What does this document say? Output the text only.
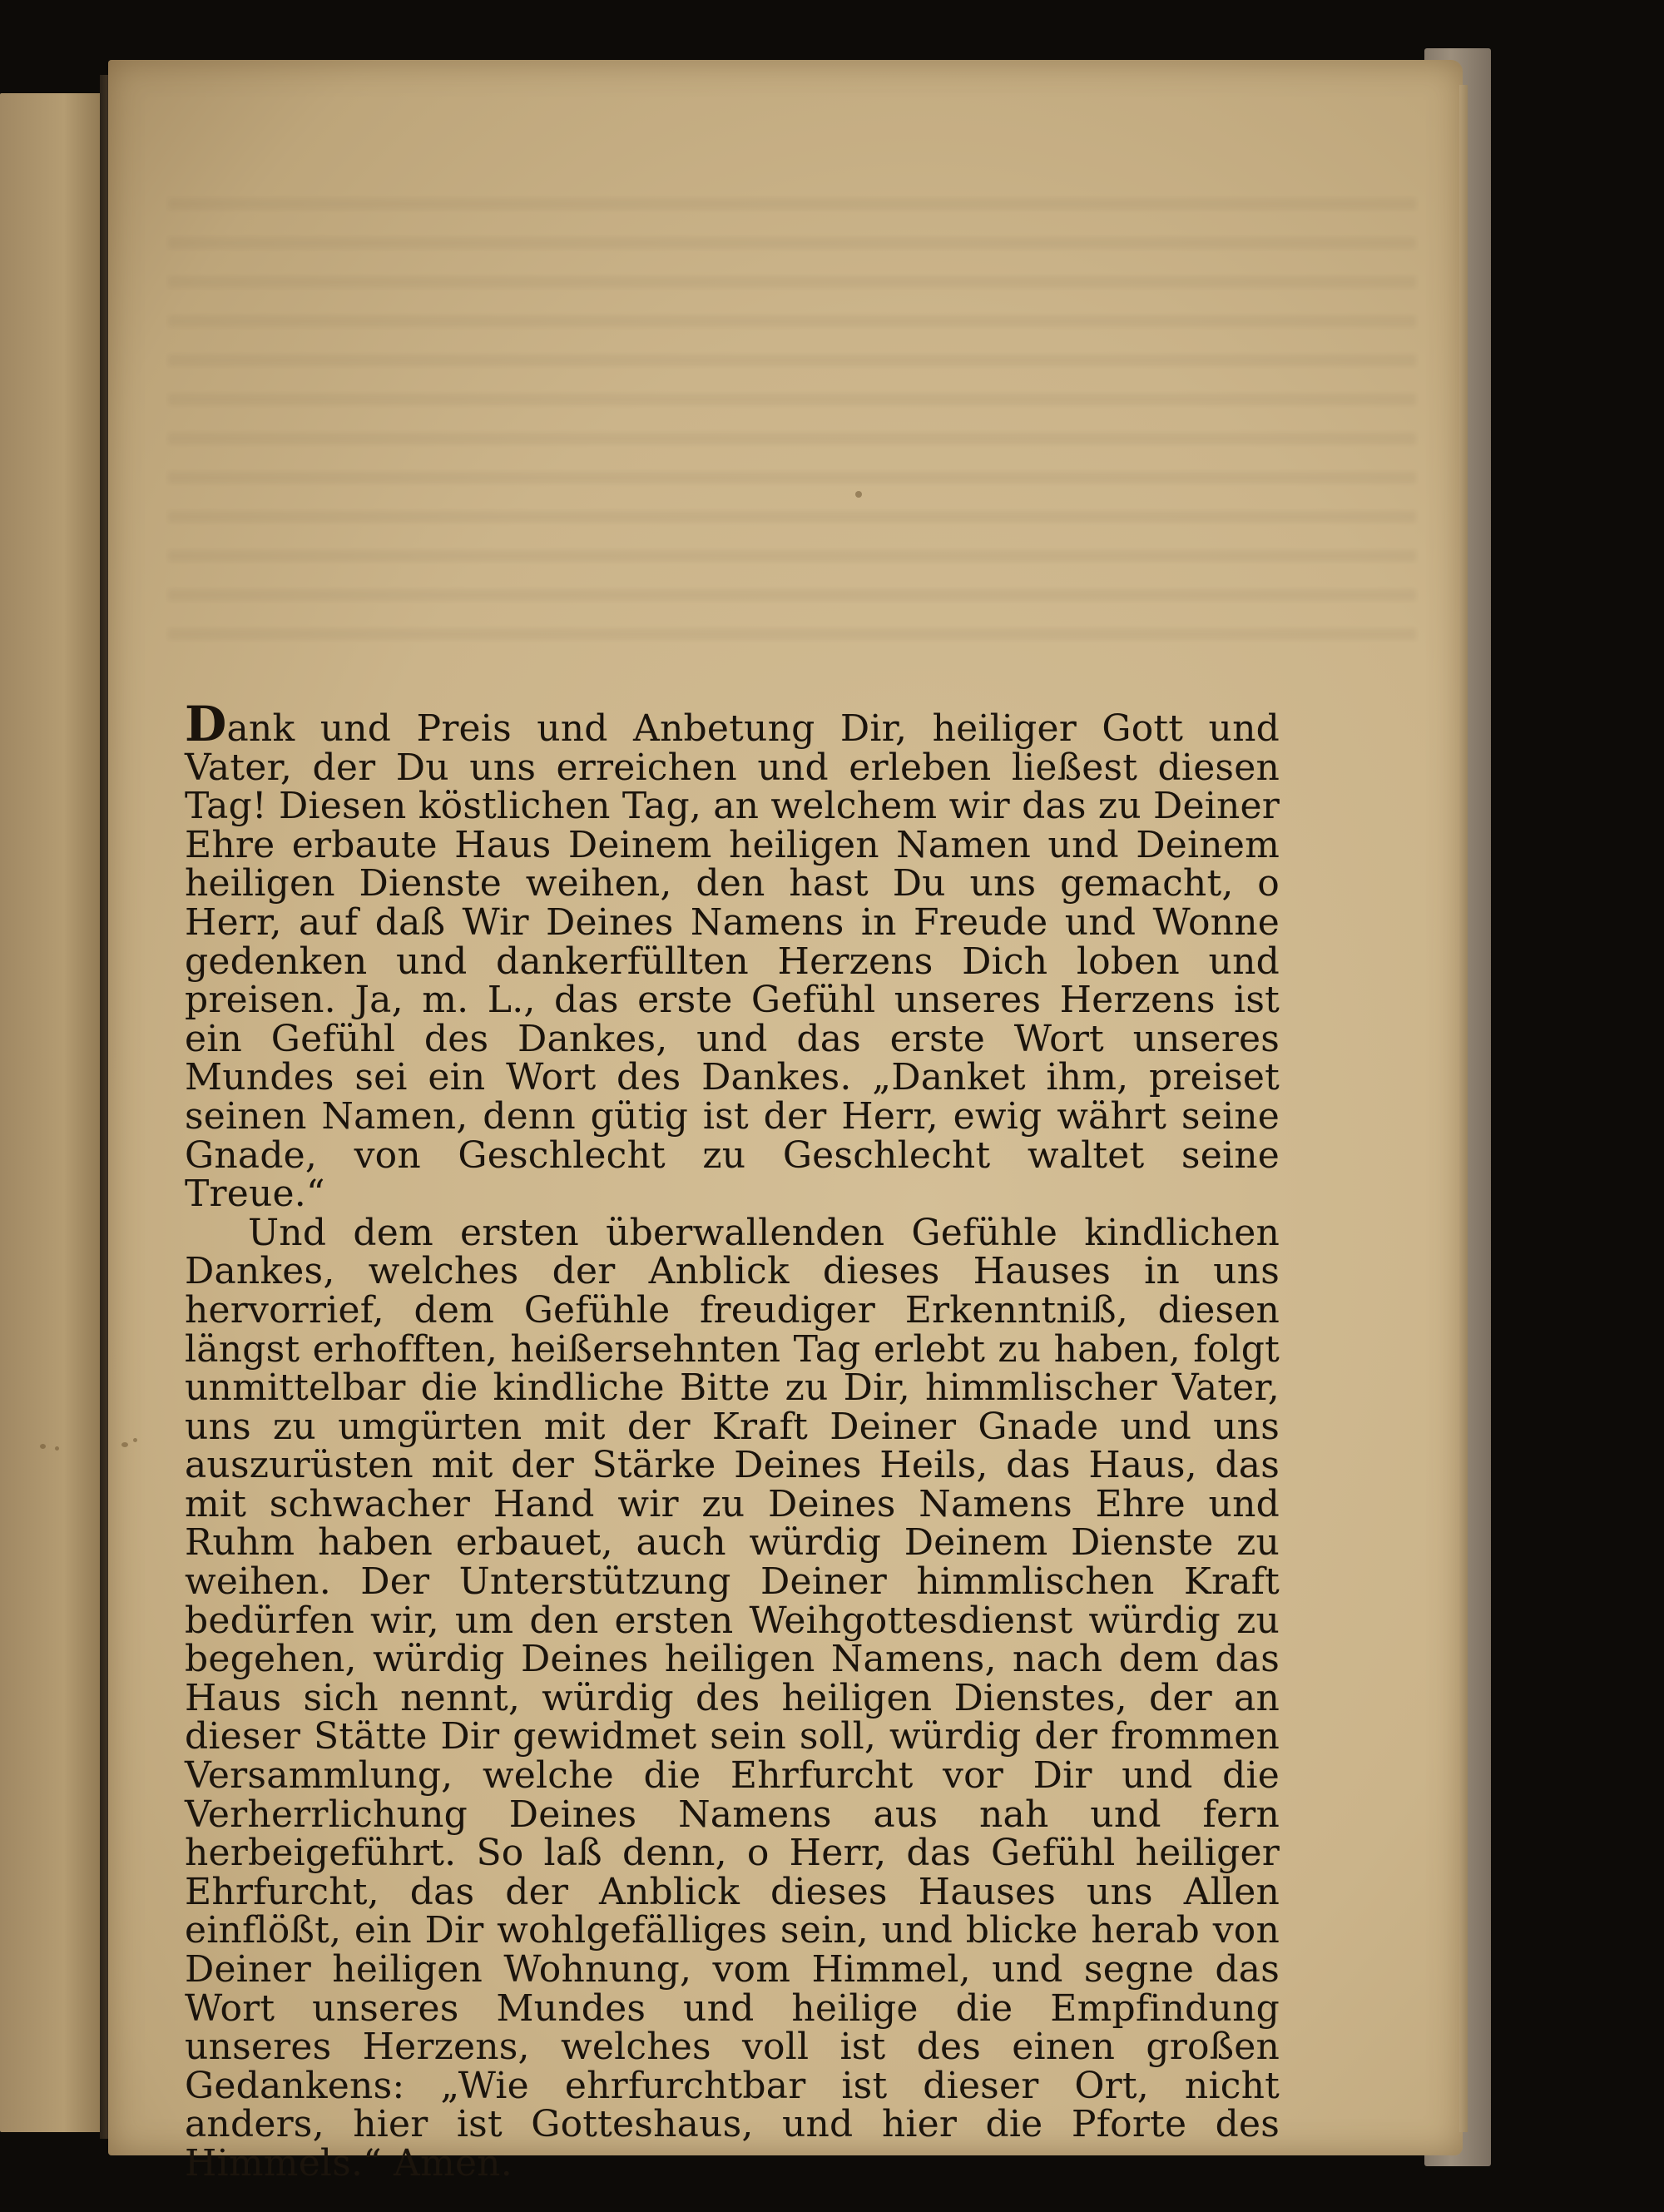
Dank und Preis und Anbetung Dir, heiliger Gott und Vater, der Du uns erreichen und erleben ließest diesen Tag! Diesen köstlichen Tag, an welchem wir das zu Deiner Ehre erbaute Haus Deinem heiligen Namen und Deinem heiligen Dienste weihen, den hast Du uns gemacht, o Herr, auf daß Wir Deines Namens in Freude und Wonne gedenken und dankerfüllten Herzens Dich loben und preisen. Ja, m. L., das erste Gefühl unseres Herzens ist ein Gefühl des Dankes, und das erste Wort unseres Mundes sei ein Wort des Dankes. „Danket ihm, preiset seinen Namen, denn gütig ist der Herr, ewig währt seine Gnade, von Geschlecht zu Geschlecht waltet seine Treue.“

Und dem ersten überwallenden Gefühle kindlichen Dankes, welches der Anblick dieses Hauses in uns hervorrief, dem Gefühle freudiger Erkenntniß, diesen längst erhofften, heißersehnten Tag erlebt zu haben, folgt unmittelbar die kindliche Bitte zu Dir, himmlischer Vater, uns zu umgürten mit der Kraft Deiner Gnade und uns auszurüsten mit der Stärke Deines Heils, das Haus, das mit schwacher Hand wir zu Deines Namens Ehre und Ruhm haben erbauet, auch würdig Deinem Dienste zu weihen. Der Unterstützung Deiner himmlischen Kraft bedürfen wir, um den ersten Weihgottesdienst würdig zu begehen, würdig Deines heiligen Namens, nach dem das Haus sich nennt, würdig des heiligen Dienstes, der an dieser Stätte Dir gewidmet sein soll, würdig der frommen Versammlung, welche die Ehrfurcht vor Dir und die Verherrlichung Deines Namens aus nah und fern herbeigeführt. So laß denn, o Herr, das Gefühl heiliger Ehrfurcht, das der Anblick dieses Hauses uns Allen einflößt, ein Dir wohlgefälliges sein, und blicke herab von Deiner heiligen Wohnung, vom Himmel, und segne das Wort unseres Mundes und heilige die Empfindung unseres Herzens, welches voll ist des einen großen Gedankens: „Wie ehrfurchtbar ist dieser Ort, nicht anders, hier ist Gotteshaus, und hier die Pforte des Himmels.“ Amen.
